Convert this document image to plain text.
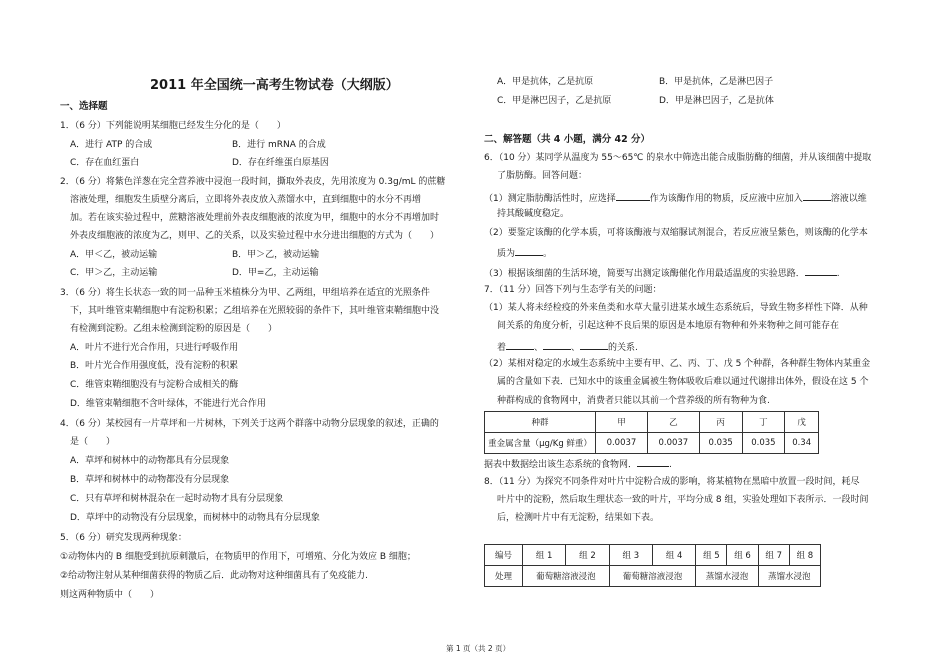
2011 年全国统一高考生物试卷（大纲版）
一、选择题
1．（6 分）下列能说明某细胞已经发生分化的是（　　）
A．进行 ATP 的合成	B．进行 mRNA 的合成
C．存在血红蛋白	D．存在纤维蛋白原基因
2．（6 分）将紫色洋葱在完全营养液中浸泡一段时间，撕取外表皮，先用浓度为 0.3g/mL 的蔗糖
溶液处理，细胞发生质壁分离后，立即将外表皮放入蒸馏水中，直到细胞中的水分不再增
加。若在该实验过程中，蔗糖溶液处理前外表皮细胞液的浓度为甲，细胞中的水分不再增加时
外表皮细胞液的浓度为乙，则甲、乙的关系，以及实验过程中水分进出细胞的方式为（　　）
A．甲＜乙，被动运输	B．甲＞乙，被动运输
C．甲＞乙，主动运输	D．甲=乙，主动运输
3．（6 分）将生长状态一致的同一品种玉米植株分为甲、乙两组，甲组培养在适宜的光照条件
下，其叶维管束鞘细胞中有淀粉积累；乙组培养在光照较弱的条件下，其叶维管束鞘细胞中没
有检测到淀粉。乙组未检测到淀粉的原因是（　　）
A．叶片不进行光合作用，只进行呼吸作用
B．叶片光合作用强度低，没有淀粉的积累
C．维管束鞘细胞没有与淀粉合成相关的酶
D．维管束鞘细胞不含叶绿体，不能进行光合作用
4．（6 分）某校园有一片草坪和一片树林，下列关于这两个群落中动物分层现象的叙述，正确的
是（　　）
A．草坪和树林中的动物都具有分层现象
B．草坪和树林中的动物都没有分层现象
C．只有草坪和树林混杂在一起时动物才具有分层现象
D．草坪中的动物没有分层现象，而树林中的动物具有分层现象
5．（6 分）研究发现两种现象：
①动物体内的 B 细胞受到抗原刺激后，在物质甲的作用下，可增殖、分化为效应 B 细胞；
②给动物注射从某种细菌获得的物质乙后．此动物对这种细菌具有了免疫能力.
则这两种物质中（　　）
A．甲是抗体，乙是抗原	B．甲是抗体，乙是淋巴因子
C．甲是淋巴因子，乙是抗原	D．甲是淋巴因子，乙是抗体
二、解答题（共 4 小题，满分 42 分）
6．（10 分）某同学从温度为 55～65℃ 的泉水中筛选出能合成脂肪酶的细菌，并从该细菌中提取
了脂肪酶。回答问题：
（1）测定脂肪酶活性时，应选择	作为该酶作用的物质，反应液中应加入	溶液以维
持其酸碱度稳定。
（2）要鉴定该酶的化学本质，可将该酶液与双缩脲试剂混合，若反应液呈紫色，则该酶的化学本
质为	。
（3）根据该细菌的生活环境，简要写出测定该酶催化作用最适温度的实验思路．	.
7．（11 分）回答下列与生态学有关的问题：
（1）某人将未经检疫的外来鱼类和水草大量引进某水域生态系统后，导致生物多样性下降．从种
间关系的角度分析，引起这种不良后果的原因是本地原有物种和外来物种之间可能存在
着	、	、	的关系.
（2）某相对稳定的水域生态系统中主要有甲、乙、丙、丁、戊 5 个种群，各种群生物体内某重金
属的含量如下表．已知水中的该重金属被生物体吸收后难以通过代谢排出体外，假设在这 5 个
种群构成的食物网中，消费者只能以其前一个营养级的所有物种为食.
种群	甲	乙	丙	丁	戊
重金属含量（μg/Kg 鲜重）	0.0037	0.0037	0.035	0.035	0.34
据表中数据绘出该生态系统的食物网．	.
8．（11 分）为探究不同条件对叶片中淀粉合成的影响，将某植物在黑暗中放置一段时间，耗尽
叶片中的淀粉，然后取生理状态一致的叶片，平均分成 8 组，实验处理如下表所示．一段时间
后，检测叶片中有无淀粉，结果如下表。
编号	组 1	组 2	组 3	组 4	组 5	组 6	组 7	组 8
处理	葡萄糖溶液浸泡		葡萄糖溶液浸泡		蒸馏水浸泡		蒸馏水浸泡	
第 1 页（共 2 页）
